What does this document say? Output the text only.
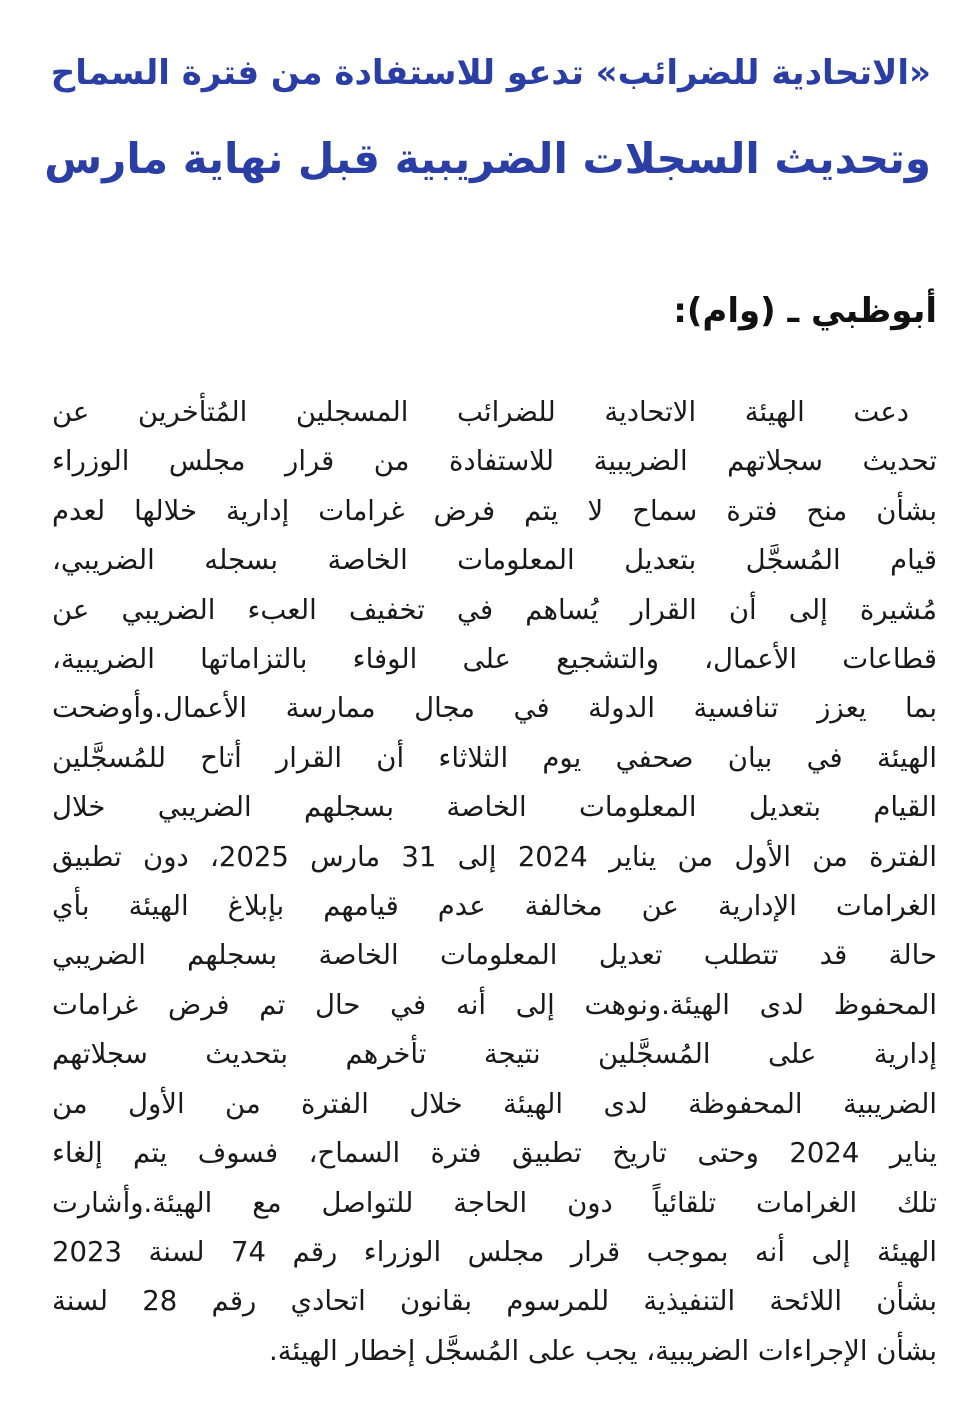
«الاتحادية للضرائب» تدعو للاستفادة من فترة السماح
وتحديث السجلات الضريبية قبل نهاية مارس

أبوظبي ـ (وام):

دعت الهيئة الاتحادية للضرائب المسجلين المُتأخرين عن
تحديث سجلاتهم الضريبية للاستفادة من قرار مجلس الوزراء
بشأن منح فترة سماح لا يتم فرض غرامات إدارية خلالها لعدم
قيام المُسجَّل بتعديل المعلومات الخاصة بسجله الضريبي،
مُشيرة إلى أن القرار يُساهم في تخفيف العبء الضريبي عن
قطاعات الأعمال، والتشجيع على الوفاء بالتزاماتها الضريبية،
بما يعزز تنافسية الدولة في مجال ممارسة الأعمال.وأوضحت
الهيئة في بيان صحفي يوم الثلاثاء أن القرار أتاح للمُسجَّلين
القيام بتعديل المعلومات الخاصة بسجلهم الضريبي خلال
الفترة من الأول من يناير 2024 إلى 31 مارس 2025، دون تطبيق
الغرامات الإدارية عن مخالفة عدم قيامهم بإبلاغ الهيئة بأي
حالة قد تتطلب تعديل المعلومات الخاصة بسجلهم الضريبي
المحفوظ لدى الهيئة.ونوهت إلى أنه في حال تم فرض غرامات
إدارية على المُسجَّلين نتيجة تأخرهم بتحديث سجلاتهم
الضريبية المحفوظة لدى الهيئة خلال الفترة من الأول من
يناير 2024 وحتى تاريخ تطبيق فترة السماح، فسوف يتم إلغاء
تلك الغرامات تلقائياً دون الحاجة للتواصل مع الهيئة.وأشارت
الهيئة إلى أنه بموجب قرار مجلس الوزراء رقم 74 لسنة 2023
بشأن اللائحة التنفيذية للمرسوم بقانون اتحادي رقم 28 لسنة
بشأن الإجراءات الضريبية، يجب على المُسجَّل إخطار الهيئة.
